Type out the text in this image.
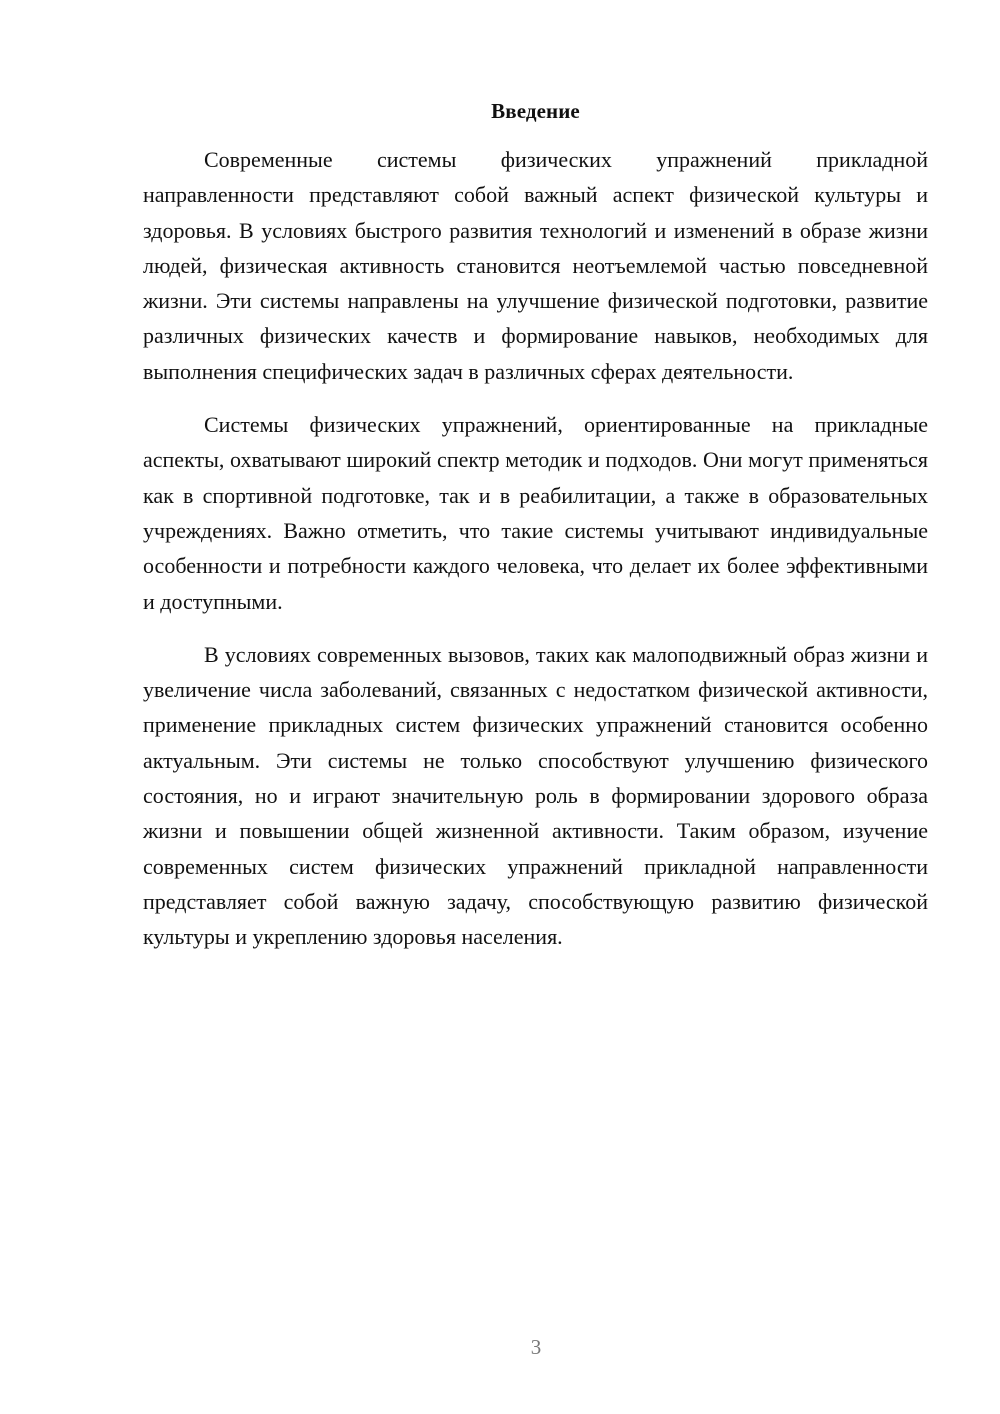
Введение

Современные системы физических упражнений прикладной направленности представляют собой важный аспект физической культуры и здоровья. В условиях быстрого развития технологий и изменений в образе жизни людей, физическая активность становится неотъемлемой частью повседневной жизни. Эти системы направлены на улучшение физической подготовки, развитие различных физических качеств и формирование навыков, необходимых для выполнения специфических задач в различных сферах деятельности.

Системы физических упражнений, ориентированные на прикладные аспекты, охватывают широкий спектр методик и подходов. Они могут применяться как в спортивной подготовке, так и в реабилитации, а также в образовательных учреждениях. Важно отметить, что такие системы учитывают индивидуальные особенности и потребности каждого человека, что делает их более эффективными и доступными.

В условиях современных вызовов, таких как малоподвижный образ жизни и увеличение числа заболеваний, связанных с недостатком физической активности, применение прикладных систем физических упражнений становится особенно актуальным. Эти системы не только способствуют улучшению физического состояния, но и играют значительную роль в формировании здорового образа жизни и повышении общей жизненной активности. Таким образом, изучение современных систем физических упражнений прикладной направленности представляет собой важную задачу, способствующую развитию физической культуры и укреплению здоровья населения.

3
